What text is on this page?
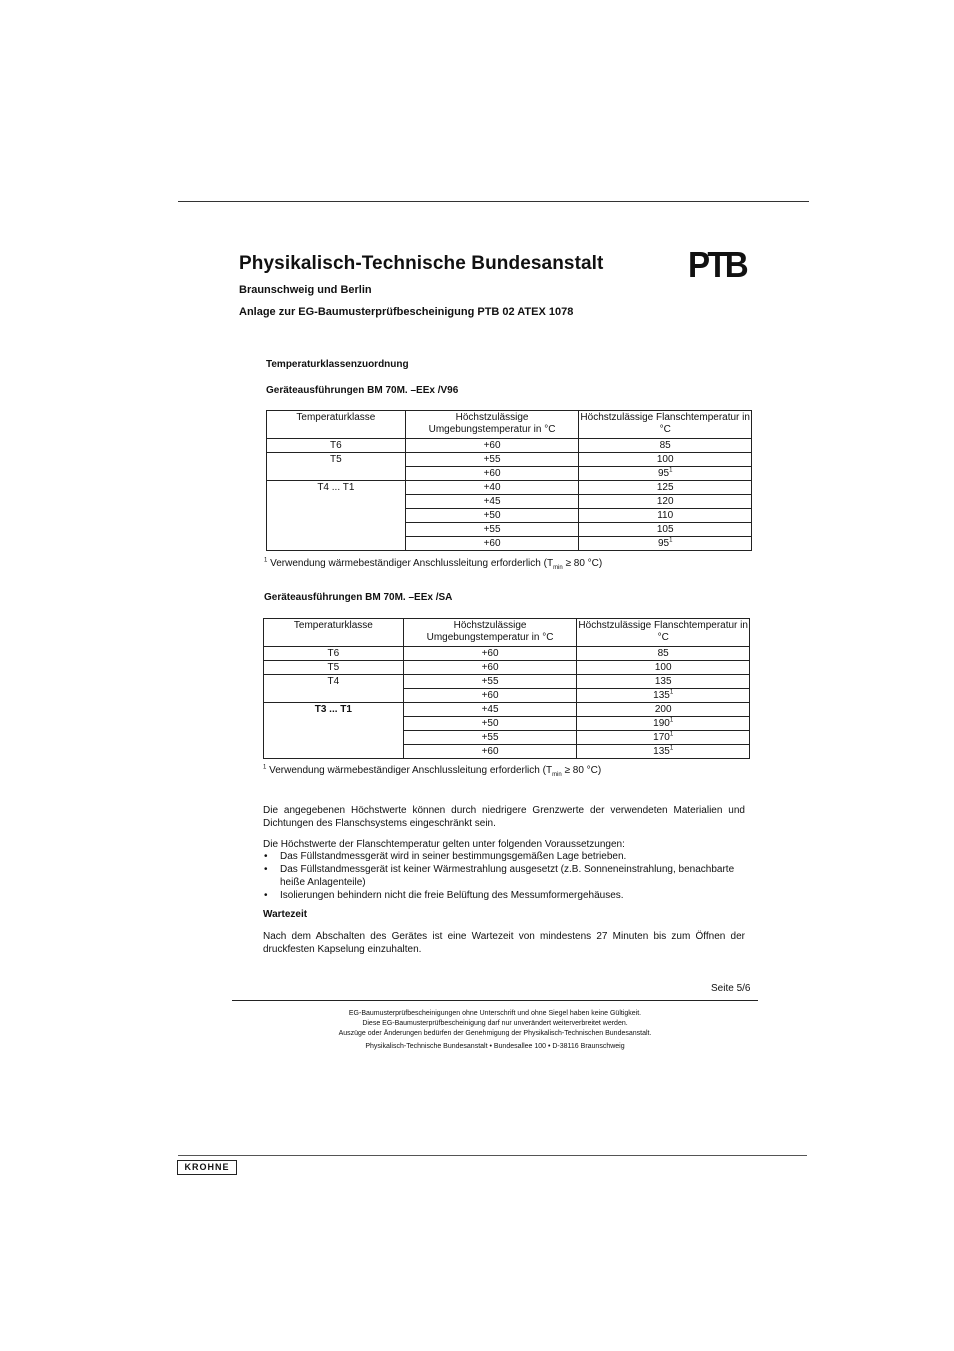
Physikalisch-Technische Bundesanstalt PTB
Braunschweig und Berlin
Anlage zur EG-Baumusterprüfbescheinigung PTB 02 ATEX 1078
Temperaturklassenzuordnung
Geräteausführungen BM 70M. –EEx /V96
Temperaturklasse	Höchstzulässige Umgebungstemperatur in °C	Höchstzulässige Flanschtemperatur in °C
T6	+60	85
T5	+55	100
	+60	$95^1$
T4 ... T1	+40	125
	+45	120
	+50	110
	+55	105
	+60	$95^1$
$^1$ Verwendung wärmebeständiger Anschlussleitung erforderlich ($T_{min} \ge 80$ °C)
Geräteausführungen BM 70M. –EEx /SA
Temperaturklasse	Höchstzulässige Umgebungstemperatur in °C	Höchstzulässige Flanschtemperatur in °C
T6	+60	85
T5	+60	100
T4	+55	135
	+60	$135^1$
T3 ... T1	+45	200
	+50	$190^1$
	+55	$170^1$
	+60	$135^1$
$^1$ Verwendung wärmebeständiger Anschlussleitung erforderlich ($T_{min} \ge 80$ °C)
Die angegebenen Höchstwerte können durch niedrigere Grenzwerte der verwendeten Materialien und Dichtungen des Flanschsystems eingeschränkt sein.
Die Höchstwerte der Flanschtemperatur gelten unter folgenden Voraussetzungen:
• Das Füllstandmessgerät wird in seiner bestimmungsgemäßen Lage betrieben.
• Das Füllstandmessgerät ist keiner Wärmestrahlung ausgesetzt (z.B. Sonneneinstrahlung, benachbarte heiße Anlagenteile)
• Isolierungen behindern nicht die freie Belüftung des Messumformergehäuses.
Wartezeit
Nach dem Abschalten des Gerätes ist eine Wartezeit von mindestens 27 Minuten bis zum Öffnen der druckfesten Kapselung einzuhalten.
Seite 5/6
EG-Baumusterprüfbescheinigungen ohne Unterschrift und ohne Siegel haben keine Gültigkeit.
Diese EG-Baumusterprüfbescheinigung darf nur unverändert weiterverbreitet werden.
Auszüge oder Änderungen bedürfen der Genehmigung der Physikalisch-Technischen Bundesanstalt.
Physikalisch-Technische Bundesanstalt • Bundesallee 100 • D-38116 Braunschweig
KROHNE
